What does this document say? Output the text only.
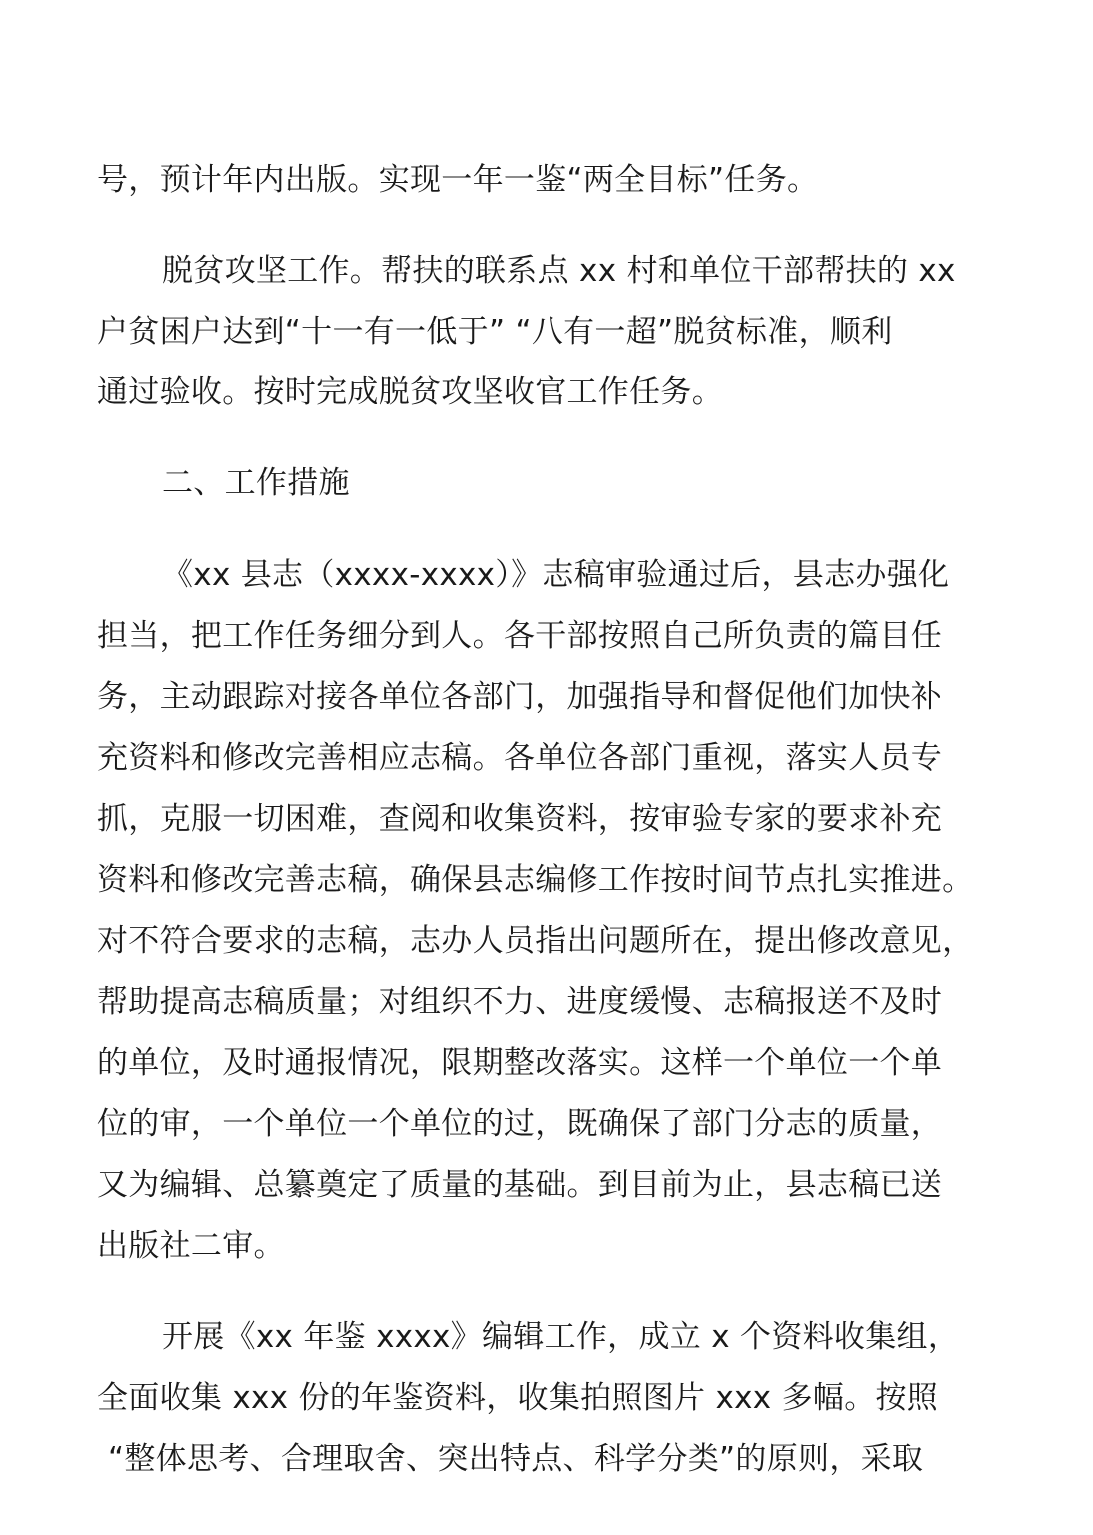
号，预计年内出版。实现一年一鉴“两全目标”任务。
脱贫攻坚工作。帮扶的联系点 xx 村和单位干部帮扶的 xx
户贫困户达到“十一有一低于” “八有一超”脱贫标准，顺利
通过验收。按时完成脱贫攻坚收官工作任务。
二、工作措施
《xx 县志（xxxx-xxxx）》志稿审验通过后，县志办强化
担当，把工作任务细分到人。各干部按照自己所负责的篇目任
务，主动跟踪对接各单位各部门，加强指导和督促他们加快补
充资料和修改完善相应志稿。各单位各部门重视，落实人员专
抓，克服一切困难，查阅和收集资料，按审验专家的要求补充
资料和修改完善志稿，确保县志编修工作按时间节点扎实推进。
对不符合要求的志稿，志办人员指出问题所在，提出修改意见，
帮助提高志稿质量；对组织不力、进度缓慢、志稿报送不及时
的单位，及时通报情况，限期整改落实。这样一个单位一个单
位的审，一个单位一个单位的过，既确保了部门分志的质量，
又为编辑、总纂奠定了质量的基础。到目前为止，县志稿已送
出版社二审。
开展《xx 年鉴 xxxx》编辑工作，成立 x 个资料收集组，
全面收集 xxx 份的年鉴资料，收集拍照图片 xxx 多幅。按照
“整体思考、合理取舍、突出特点、科学分类”的原则，采取
